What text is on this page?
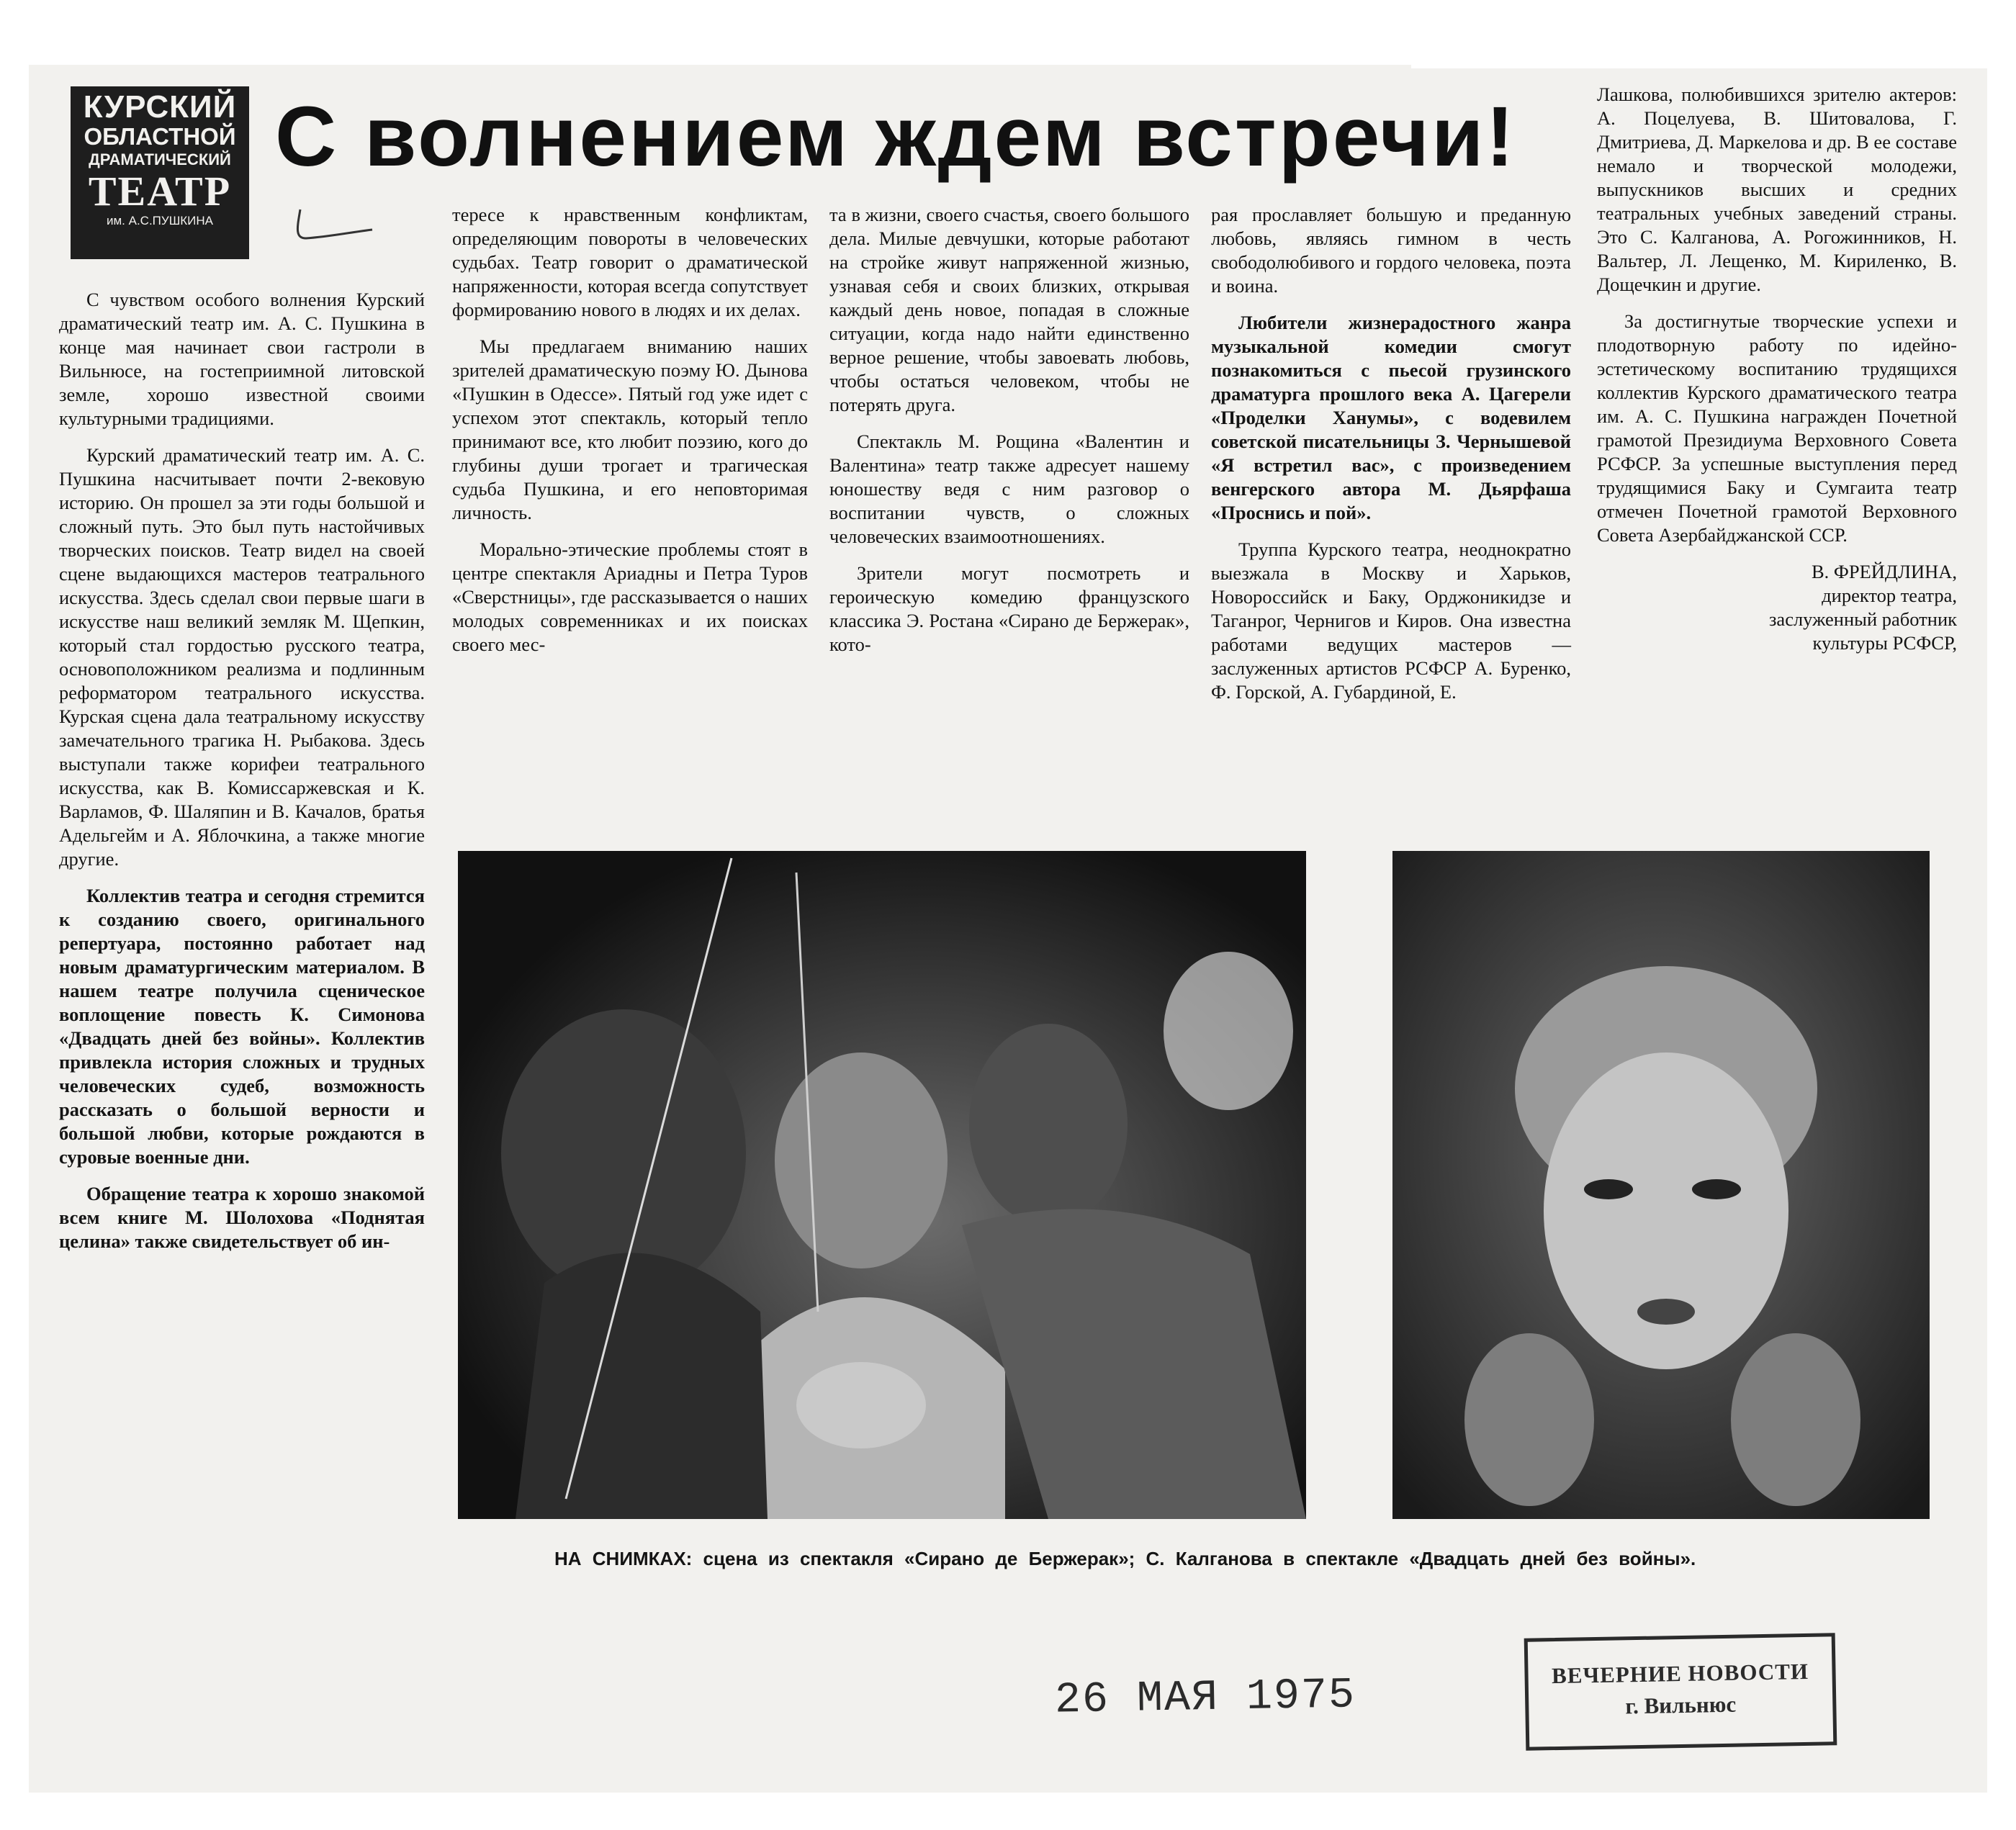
КУРСКИЙ
ОБЛАСТНОЙ
ДРАМАТИЧЕСКИЙ
ТЕАТР
им. А.С.ПУШКИНА
С волнением ждем встречи!

С чувством особого волнения Курский драматический театр им. А. С. Пушкина в конце мая начинает свои гастроли в Вильнюсе, на гостеприимной литовской земле, хорошо известной своими культурными традициями.

Курский драматический театр им. А. С. Пушкина насчитывает почти 2-вековую историю. Он прошел за эти годы большой и сложный путь. Это был путь настойчивых творческих поисков. Театр видел на своей сцене выдающихся мастеров театрального искусства. Здесь сделал свои первые шаги в искусстве наш великий земляк М. Щепкин, который стал гордостью русского театра, основоположником реализма и подлинным реформатором театрального искусства. Курская сцена дала театральному искусству замечательного трагика Н. Рыбакова. Здесь выступали также корифеи театрального искусства, как В. Комиссаржевская и К. Варламов, Ф. Шаляпин и В. Качалов, братья Адельгейм и А. Яблочкина, а также многие другие.

Коллектив театра и сегодня стремится к созданию своего, оригинального репертуара, постоянно работает над новым драматургическим материалом. В нашем театре получила сценическое воплощение повесть К. Симонова «Двадцать дней без войны». Коллектив привлекла история сложных и трудных человеческих судеб, возможность рассказать о большой верности и большой любви, которые рождаются в суровые военные дни.

Обращение театра к хорошо знакомой всем книге М. Шолохова «Поднятая целина» также свидетельствует об ин-

тересе к нравственным конфликтам, определяющим повороты в человеческих судьбах. Театр говорит о драматической напряженности, которая всегда сопутствует формированию нового в людях и их делах.

Мы предлагаем вниманию наших зрителей драматическую поэму Ю. Дынова «Пушкин в Одессе». Пятый год уже идет с успехом этот спектакль, который тепло принимают все, кто любит поэзию, кого до глубины души трогает и трагическая судьба Пушкина, и его неповторимая личность.

Морально-этические проблемы стоят в центре спектакля Ариадны и Петра Туров «Сверстницы», где рассказывается о наших молодых современниках и их поисках своего мес-

та в жизни, своего счастья, своего большого дела. Милые девчушки, которые работают на стройке живут напряженной жизнью, узнавая себя и своих близких, открывая каждый день новое, попадая в сложные ситуации, когда надо найти единственно верное решение, чтобы завоевать любовь, чтобы остаться человеком, чтобы не потерять друга.

Спектакль М. Рощина «Валентин и Валентина» театр также адресует нашему юношеству ведя с ним разговор о воспитании чувств, о сложных человеческих взаимоотношениях.

Зрители могут посмотреть и героическую комедию французского классика Э. Ростана «Сирано де Бержерак», кото-

рая прославляет большую и преданную любовь, являясь гимном в честь свободолюбивого и гордого человека, поэта и воина.

Любители жизнерадостного жанра музыкальной комедии смогут познакомиться с пьесой грузинского драматурга прошлого века А. Цагерели «Проделки Ханумы», с водевилем советской писательницы З. Чернышевой «Я встретил вас», с произведением венгерского автора М. Дьярфаша «Проснись и пой».

Труппа Курского театра, неоднократно выезжала в Москву и Харьков, Новороссийск и Баку, Орджоникидзе и Таганрог, Чернигов и Киров. Она известна работами ведущих мастеров — заслуженных артистов РСФСР А. Буренко, Ф. Горской, А. Губардиной, Е.

Лашкова, полюбившихся зрителю актеров: А. Поцелуева, В. Шитовалова, Г. Дмитриева, Д. Маркелова и др. В ее составе немало и творческой молодежи, выпускников высших и средних театральных учебных заведений страны. Это С. Калганова, А. Рогожинников, Н. Вальтер, Л. Лещенко, М. Кириленко, В. Дощечкин и другие.

За достигнутые творческие успехи и плодотворную работу по идейно-эстетическому воспитанию трудящихся коллектив Курского драматического театра им. А. С. Пушкина награжден Почетной грамотой Президиума Верховного Совета РСФСР. За успешные выступления перед трудящимися Баку и Сумгаита театр отмечен Почетной грамотой Верховного Совета Азербайджанской ССР.

В. ФРЕЙДЛИНА,
директор театра,
заслуженный работник
культуры РСФСР,
НА СНИМКАХ: сцена из спектакля «Сирано де Бержерак»; С. Калганова в спектакле «Двадцать дней без войны».
26 МАЯ 1975	ВЕЧЕРНИЕ НОВОСТИ
г. Вильнюс
